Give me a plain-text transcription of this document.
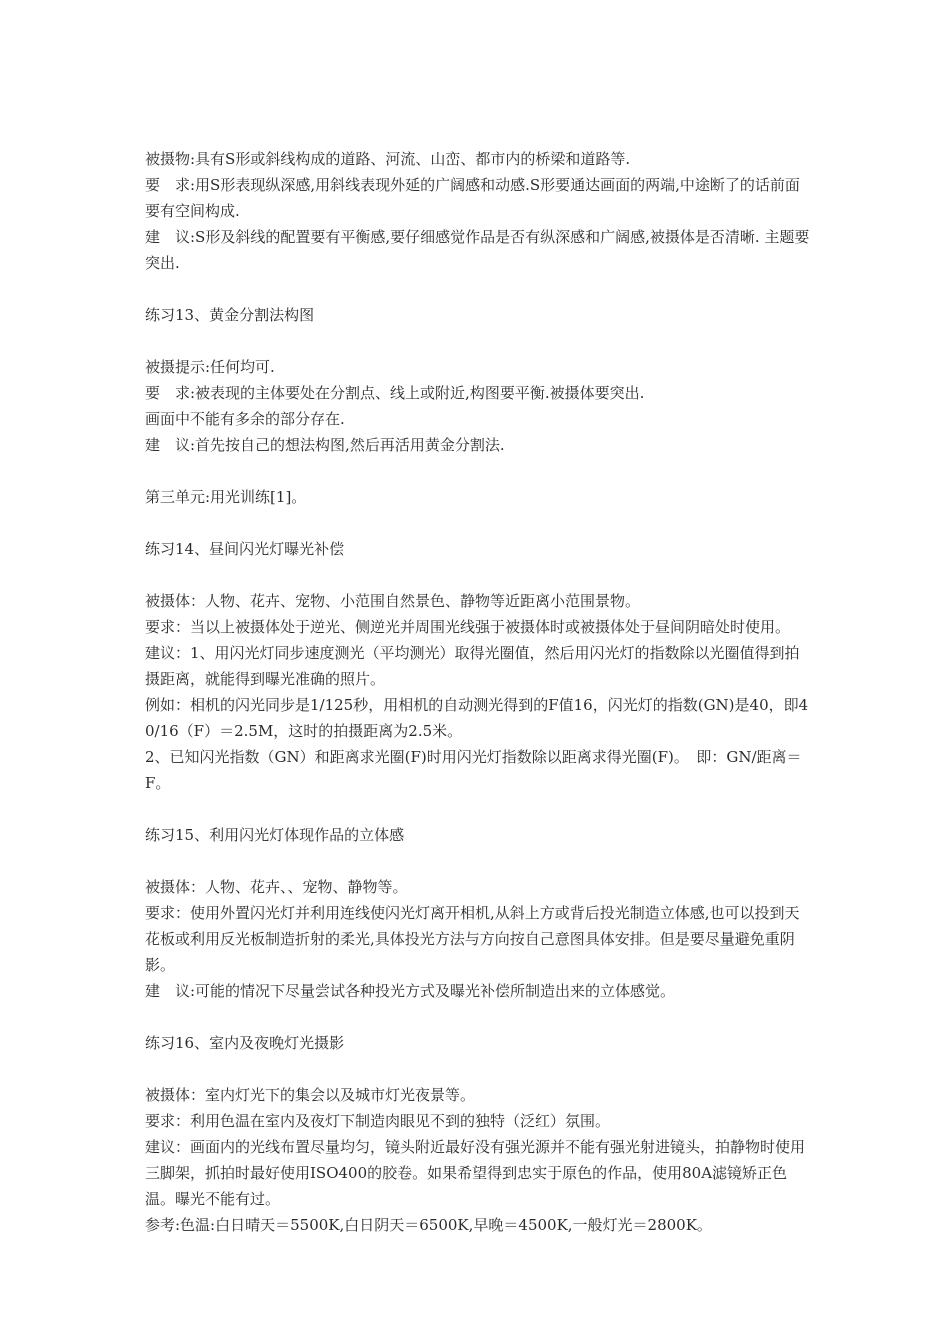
被摄物:具有S形或斜线构成的道路、河流、山峦、都市内的桥梁和道路等.

要　求:用S形表现纵深感,用斜线表现外延的广阔感和动感.S形要通达画面的两端,中途断了的话前面要有空间构成.

建　议:S形及斜线的配置要有平衡感,要仔细感觉作品是否有纵深感和广阔感,被摄体是否清晰. 主题要突出.

练习13、黄金分割法构图

被摄提示:任何均可.

要　求:被表现的主体要处在分割点、线上或附近,构图要平衡.被摄体要突出.

画面中不能有多余的部分存在.

建　议:首先按自己的想法构图,然后再活用黄金分割法.

第三单元:用光训练[1]。

练习14、昼间闪光灯曝光补偿

被摄体：人物、花卉、宠物、小范围自然景色、静物等近距离小范围景物。

要求：当以上被摄体处于逆光、侧逆光并周围光线强于被摄体时或被摄体处于昼间阴暗处时使用。

建议：1、用闪光灯同步速度测光（平均测光）取得光圈值，然后用闪光灯的指数除以光圈值得到拍摄距离，就能得到曝光准确的照片。

例如：相机的闪光同步是1/125秒，用相机的自动测光得到的F值16，闪光灯的指数(GN)是40，即40/16（F）＝2.5M，这时的拍摄距离为2.5米。

2、已知闪光指数（GN）和距离求光圈(F)时用闪光灯指数除以距离求得光圈(F)。　即：GN/距离＝F。

练习15、利用闪光灯体现作品的立体感

被摄体：人物、花卉、、宠物、静物等。

要求：使用外置闪光灯并利用连线使闪光灯离开相机,从斜上方或背后投光制造立体感,也可以投到天花板或利用反光板制造折射的柔光,具体投光方法与方向按自己意图具体安排。但是要尽量避免重阴影。

建　议:可能的情况下尽量尝试各种投光方式及曝光补偿所制造出来的立体感觉。

练习16、室内及夜晚灯光摄影

被摄体：室内灯光下的集会以及城市灯光夜景等。

要求：利用色温在室内及夜灯下制造肉眼见不到的独特（泛红）氛围。

建议：画面内的光线布置尽量均匀，镜头附近最好没有强光源并不能有强光射进镜头，拍静物时使用三脚架，抓拍时最好使用ISO400的胶卷。如果希望得到忠实于原色的作品，使用80A滤镜矫正色温。曝光不能有过。

参考:色温:白日晴天＝5500K,白日阴天＝6500K,早晚＝4500K,一般灯光＝2800K。
